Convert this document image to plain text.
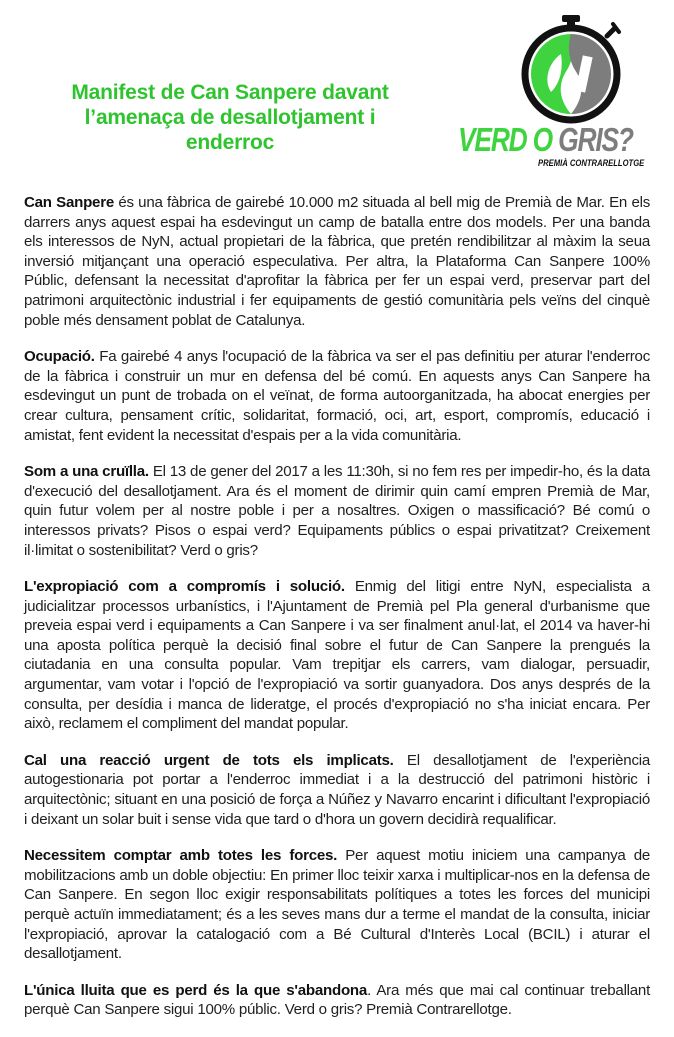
Manifest de Can Sanpere davant
l’amenaça de desallotjament i
enderroc	VERD O GRIS?
PREMIÀ CONTRARELLOTGE

Can Sanpere és una fàbrica de gairebé 10.000 m2 situada al bell mig de Premià de Mar. En els darrers anys aquest espai ha esdevingut un camp de batalla entre dos models. Per una banda els interessos de NyN, actual propietari de la fàbrica, que pretén rendibilitzar al màxim la seua inversió mitjançant una operació especulativa. Per altra, la Plataforma Can Sanpere 100% Públic, defensant la necessitat d'aprofitar la fàbrica per fer un espai verd, preservar part del patrimoni arquitectònic industrial i fer equipaments de gestió comunitària pels veïns del cinquè poble més densament poblat de Catalunya.

Ocupació. Fa gairebé 4 anys l'ocupació de la fàbrica va ser el pas definitiu per aturar l'enderroc de la fàbrica i construir un mur en defensa del bé comú. En aquests anys Can Sanpere ha esdevingut un punt de trobada on el veïnat, de forma autoorganitzada, ha abocat energies per crear cultura, pensament crític, solidaritat, formació, oci, art, esport, compromís, educació i amistat, fent evident la necessitat d'espais per a la vida comunitària.

Som a una cruïlla. El 13 de gener del 2017 a les 11:30h, si no fem res per impedir-ho, és la data d'execució del desallotjament. Ara és el moment de dirimir quin camí empren Premià de Mar, quin futur volem per al nostre poble i per a nosaltres. Oxigen o massificació? Bé comú o interessos privats? Pisos o espai verd? Equipaments públics o espai privatitzat? Creixement il·limitat o sostenibilitat? Verd o gris?

L'expropiació com a compromís i solució. Enmig del litigi entre NyN, especialista a judicialitzar processos urbanístics, i l'Ajuntament de Premià pel Pla general d'urbanisme que preveia espai verd i equipaments a Can Sanpere i va ser finalment anul·lat, el 2014 va haver-hi una aposta política perquè la decisió final sobre el futur de Can Sanpere la prengués la ciutadania en una consulta popular. Vam trepitjar els carrers, vam dialogar, persuadir, argumentar, vam votar i l'opció de l'expropiació va sortir guanyadora. Dos anys després de la consulta, per desídia i manca de lideratge, el procés d'expropiació no s'ha iniciat encara. Per això, reclamem el compliment del mandat popular.

Cal una reacció urgent de tots els implicats. El desallotjament de l'experiència autogestionaria pot portar a l'enderroc immediat i a la destrucció del patrimoni històric i arquitectònic; situant en una posició de força a Núñez y Navarro encarint i dificultant l'expropiació i deixant un solar buit i sense vida que tard o d'hora un govern decidirà requalificar.

Necessitem comptar amb totes les forces. Per aquest motiu iniciem una campanya de mobilitzacions amb un doble objectiu: En primer lloc teixir xarxa i multiplicar-nos en la defensa de Can Sanpere. En segon lloc exigir responsabilitats polítiques a totes les forces del municipi perquè actuïn immediatament; és a les seves mans dur a terme el mandat de la consulta, iniciar l'expropiació, aprovar la catalogació com a Bé Cultural d'Interès Local (BCIL) i aturar el desallotjament.

L'única lluita que es perd és la que s'abandona. Ara més que mai cal continuar treballant perquè Can Sanpere sigui 100% públic. Verd o gris? Premià Contrarellotge.
